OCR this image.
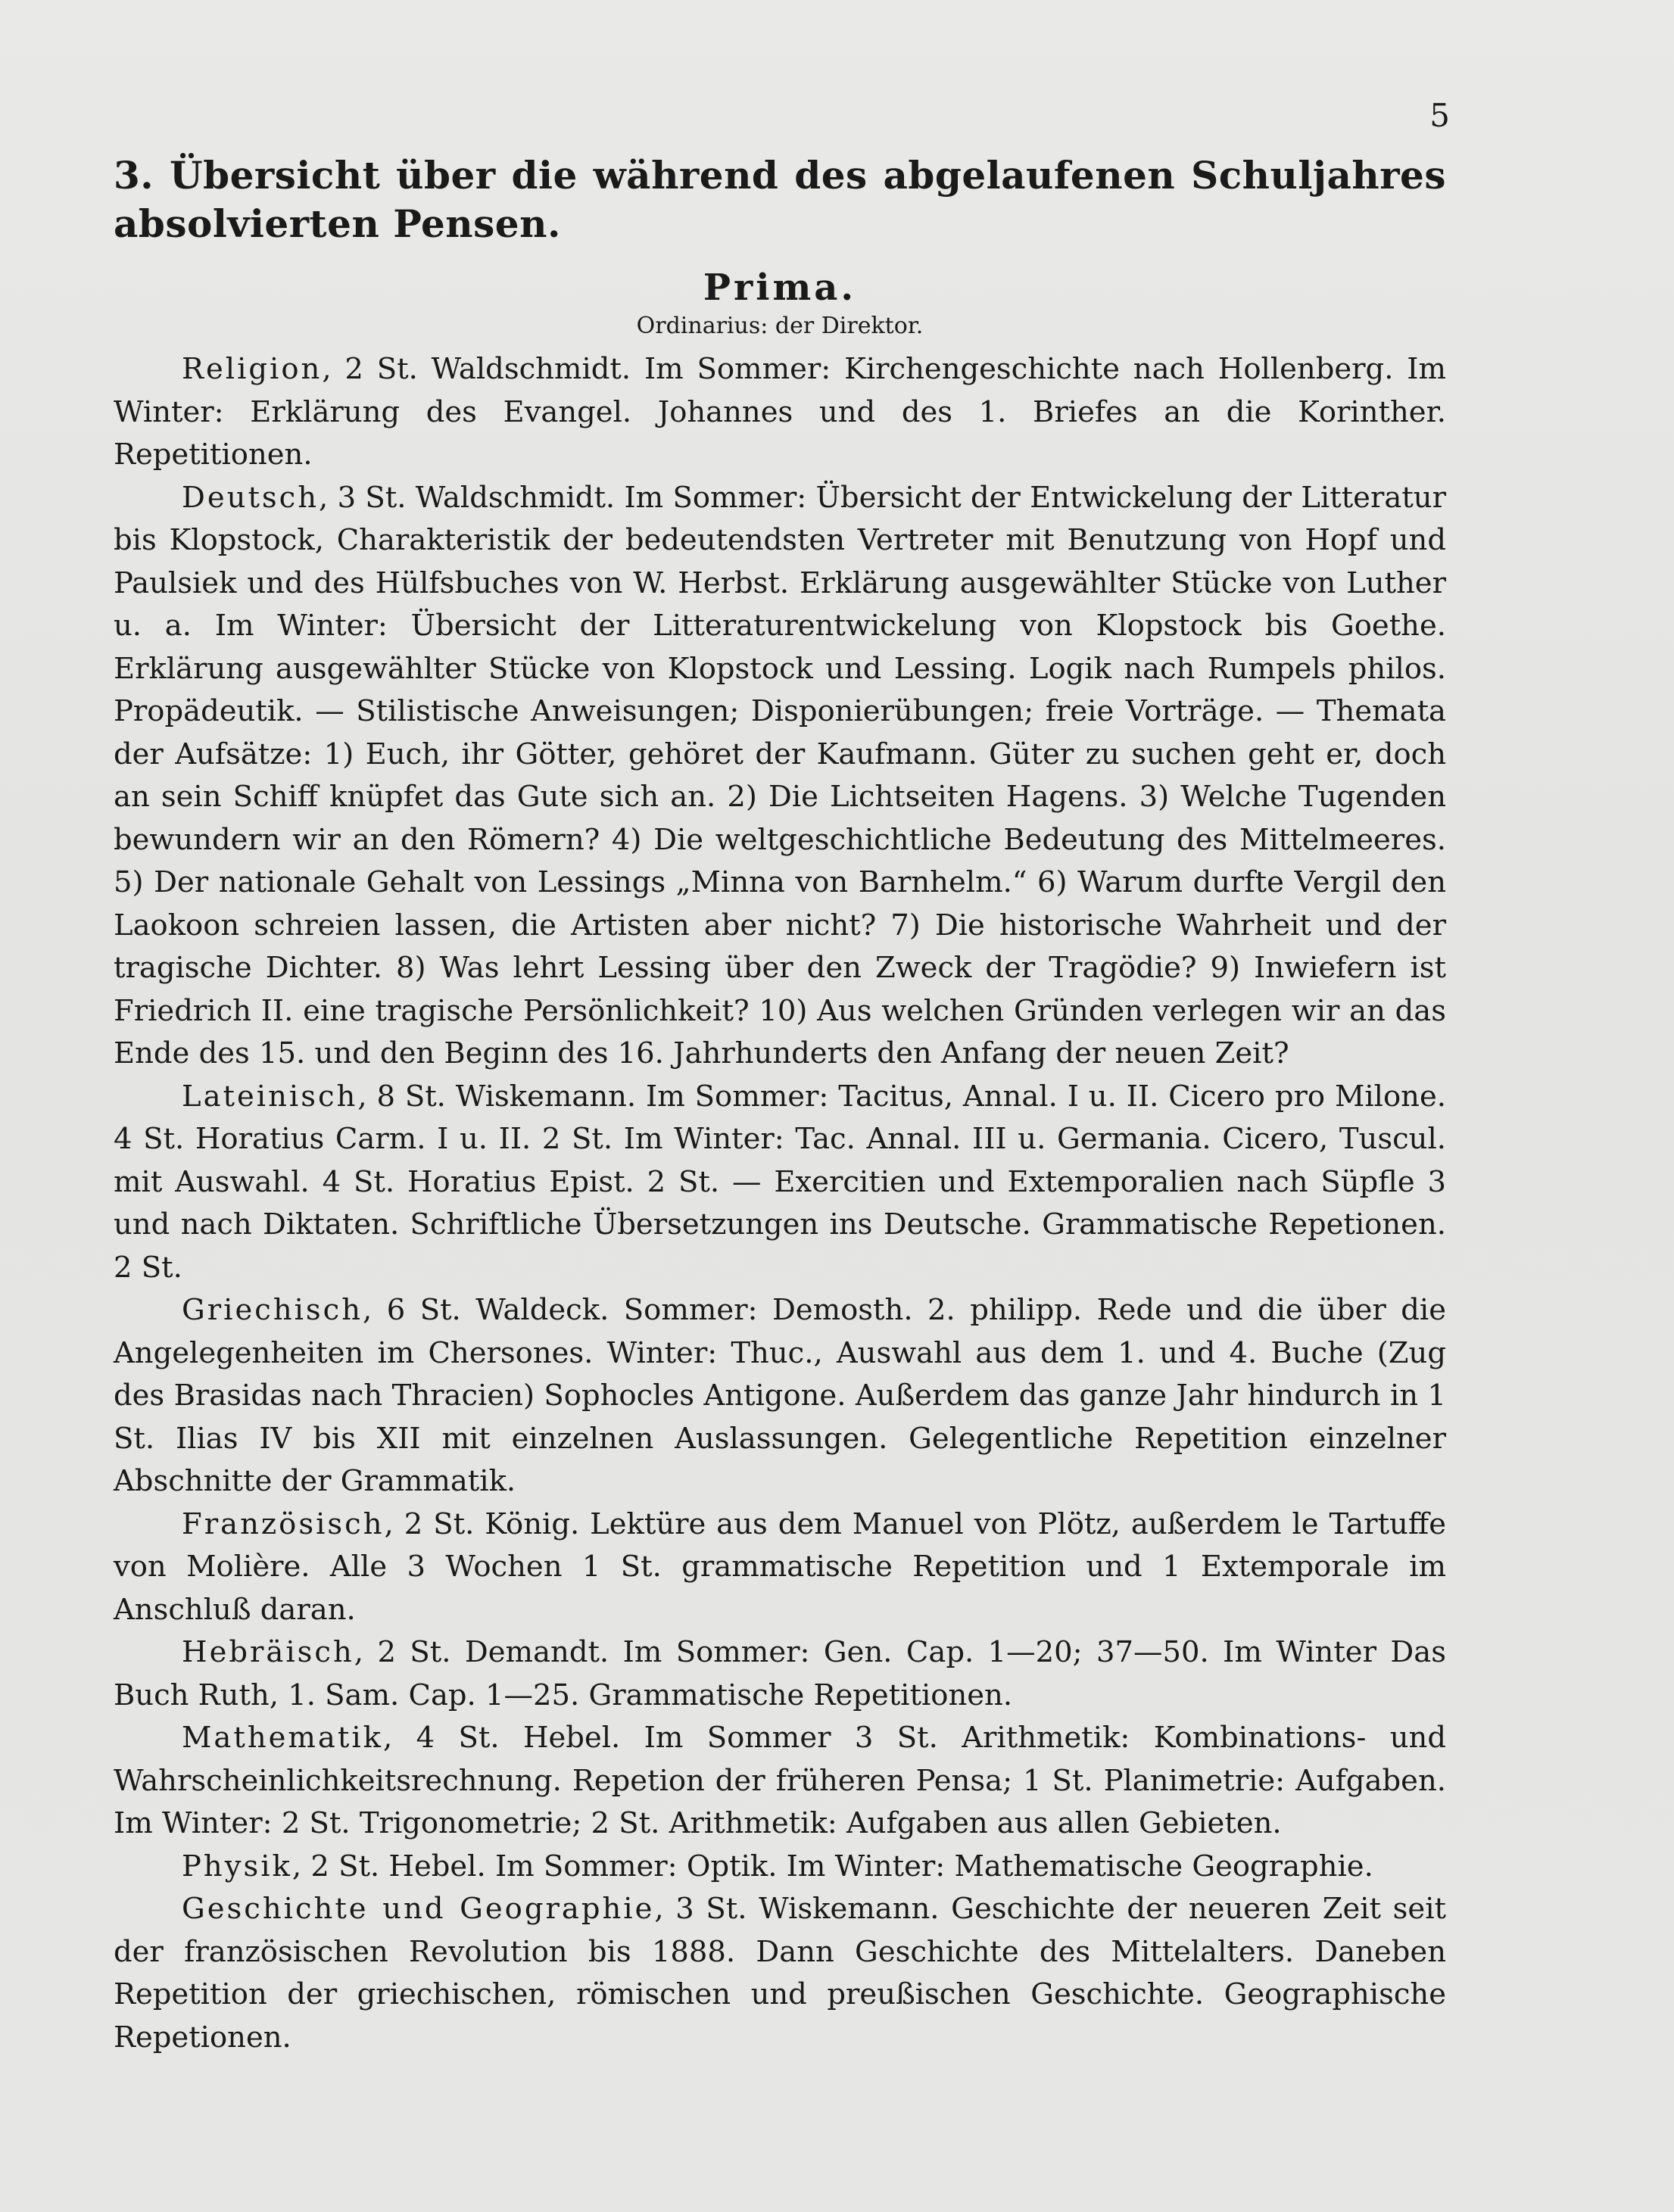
5

3. Übersicht über die während des abgelaufenen Schuljahres absolvierten Pensen.

Prima.

Ordinarius: der Direktor.

Religion, 2 St. Waldschmidt. Im Sommer: Kirchengeschichte nach Hollenberg. Im Winter: Erklärung des Evangel. Johannes und des 1. Briefes an die Korinther. Repetitionen.

Deutsch, 3 St. Waldschmidt. Im Sommer: Übersicht der Entwickelung der Litteratur bis Klopstock, Charakteristik der bedeutendsten Vertreter mit Benutzung von Hopf und Paulsiek und des Hülfsbuches von W. Herbst. Erklärung ausgewählter Stücke von Luther u. a. Im Winter: Übersicht der Litteraturentwickelung von Klopstock bis Goethe. Erklärung ausgewählter Stücke von Klopstock und Lessing. Logik nach Rumpels philos. Propädeutik. — Stilistische Anweisungen; Disponierübungen; freie Vorträge. — Themata der Aufsätze: 1) Euch, ihr Götter, gehöret der Kaufmann. Güter zu suchen geht er, doch an sein Schiff knüpfet das Gute sich an. 2) Die Lichtseiten Hagens. 3) Welche Tugenden bewundern wir an den Römern? 4) Die weltgeschichtliche Bedeutung des Mittelmeeres. 5) Der nationale Gehalt von Lessings „Minna von Barnhelm.“ 6) Warum durfte Vergil den Laokoon schreien lassen, die Artisten aber nicht? 7) Die historische Wahrheit und der tragische Dichter. 8) Was lehrt Lessing über den Zweck der Tragödie? 9) Inwiefern ist Friedrich II. eine tragische Persönlichkeit? 10) Aus welchen Gründen verlegen wir an das Ende des 15. und den Beginn des 16. Jahrhunderts den Anfang der neuen Zeit?

Lateinisch, 8 St. Wiskemann. Im Sommer: Tacitus, Annal. I u. II. Cicero pro Milone. 4 St. Horatius Carm. I u. II. 2 St. Im Winter: Tac. Annal. III u. Germania. Cicero, Tuscul. mit Auswahl. 4 St. Horatius Epist. 2 St. — Exercitien und Extemporalien nach Süpfle 3 und nach Diktaten. Schriftliche Übersetzungen ins Deutsche. Grammatische Repetionen. 2 St.

Griechisch, 6 St. Waldeck. Sommer: Demosth. 2. philipp. Rede und die über die Angelegenheiten im Chersones. Winter: Thuc., Auswahl aus dem 1. und 4. Buche (Zug des Brasidas nach Thracien) Sophocles Antigone. Außerdem das ganze Jahr hindurch in 1 St. Ilias IV bis XII mit einzelnen Auslassungen. Gelegentliche Repetition einzelner Abschnitte der Grammatik.

Französisch, 2 St. König. Lektüre aus dem Manuel von Plötz, außerdem le Tartuffe von Molière. Alle 3 Wochen 1 St. grammatische Repetition und 1 Extemporale im Anschluß daran.

Hebräisch, 2 St. Demandt. Im Sommer: Gen. Cap. 1—20; 37—50. Im Winter Das Buch Ruth, 1. Sam. Cap. 1—25. Grammatische Repetitionen.

Mathematik, 4 St. Hebel. Im Sommer 3 St. Arithmetik: Kombinations- und Wahrscheinlichkeitsrechnung. Repetion der früheren Pensa; 1 St. Planimetrie: Aufgaben. Im Winter: 2 St. Trigonometrie; 2 St. Arithmetik: Aufgaben aus allen Gebieten.

Physik, 2 St. Hebel. Im Sommer: Optik. Im Winter: Mathematische Geographie.

Geschichte und Geographie, 3 St. Wiskemann. Geschichte der neueren Zeit seit der französischen Revolution bis 1888. Dann Geschichte des Mittelalters. Daneben Repetition der griechischen, römischen und preußischen Geschichte. Geographische Repetionen.
